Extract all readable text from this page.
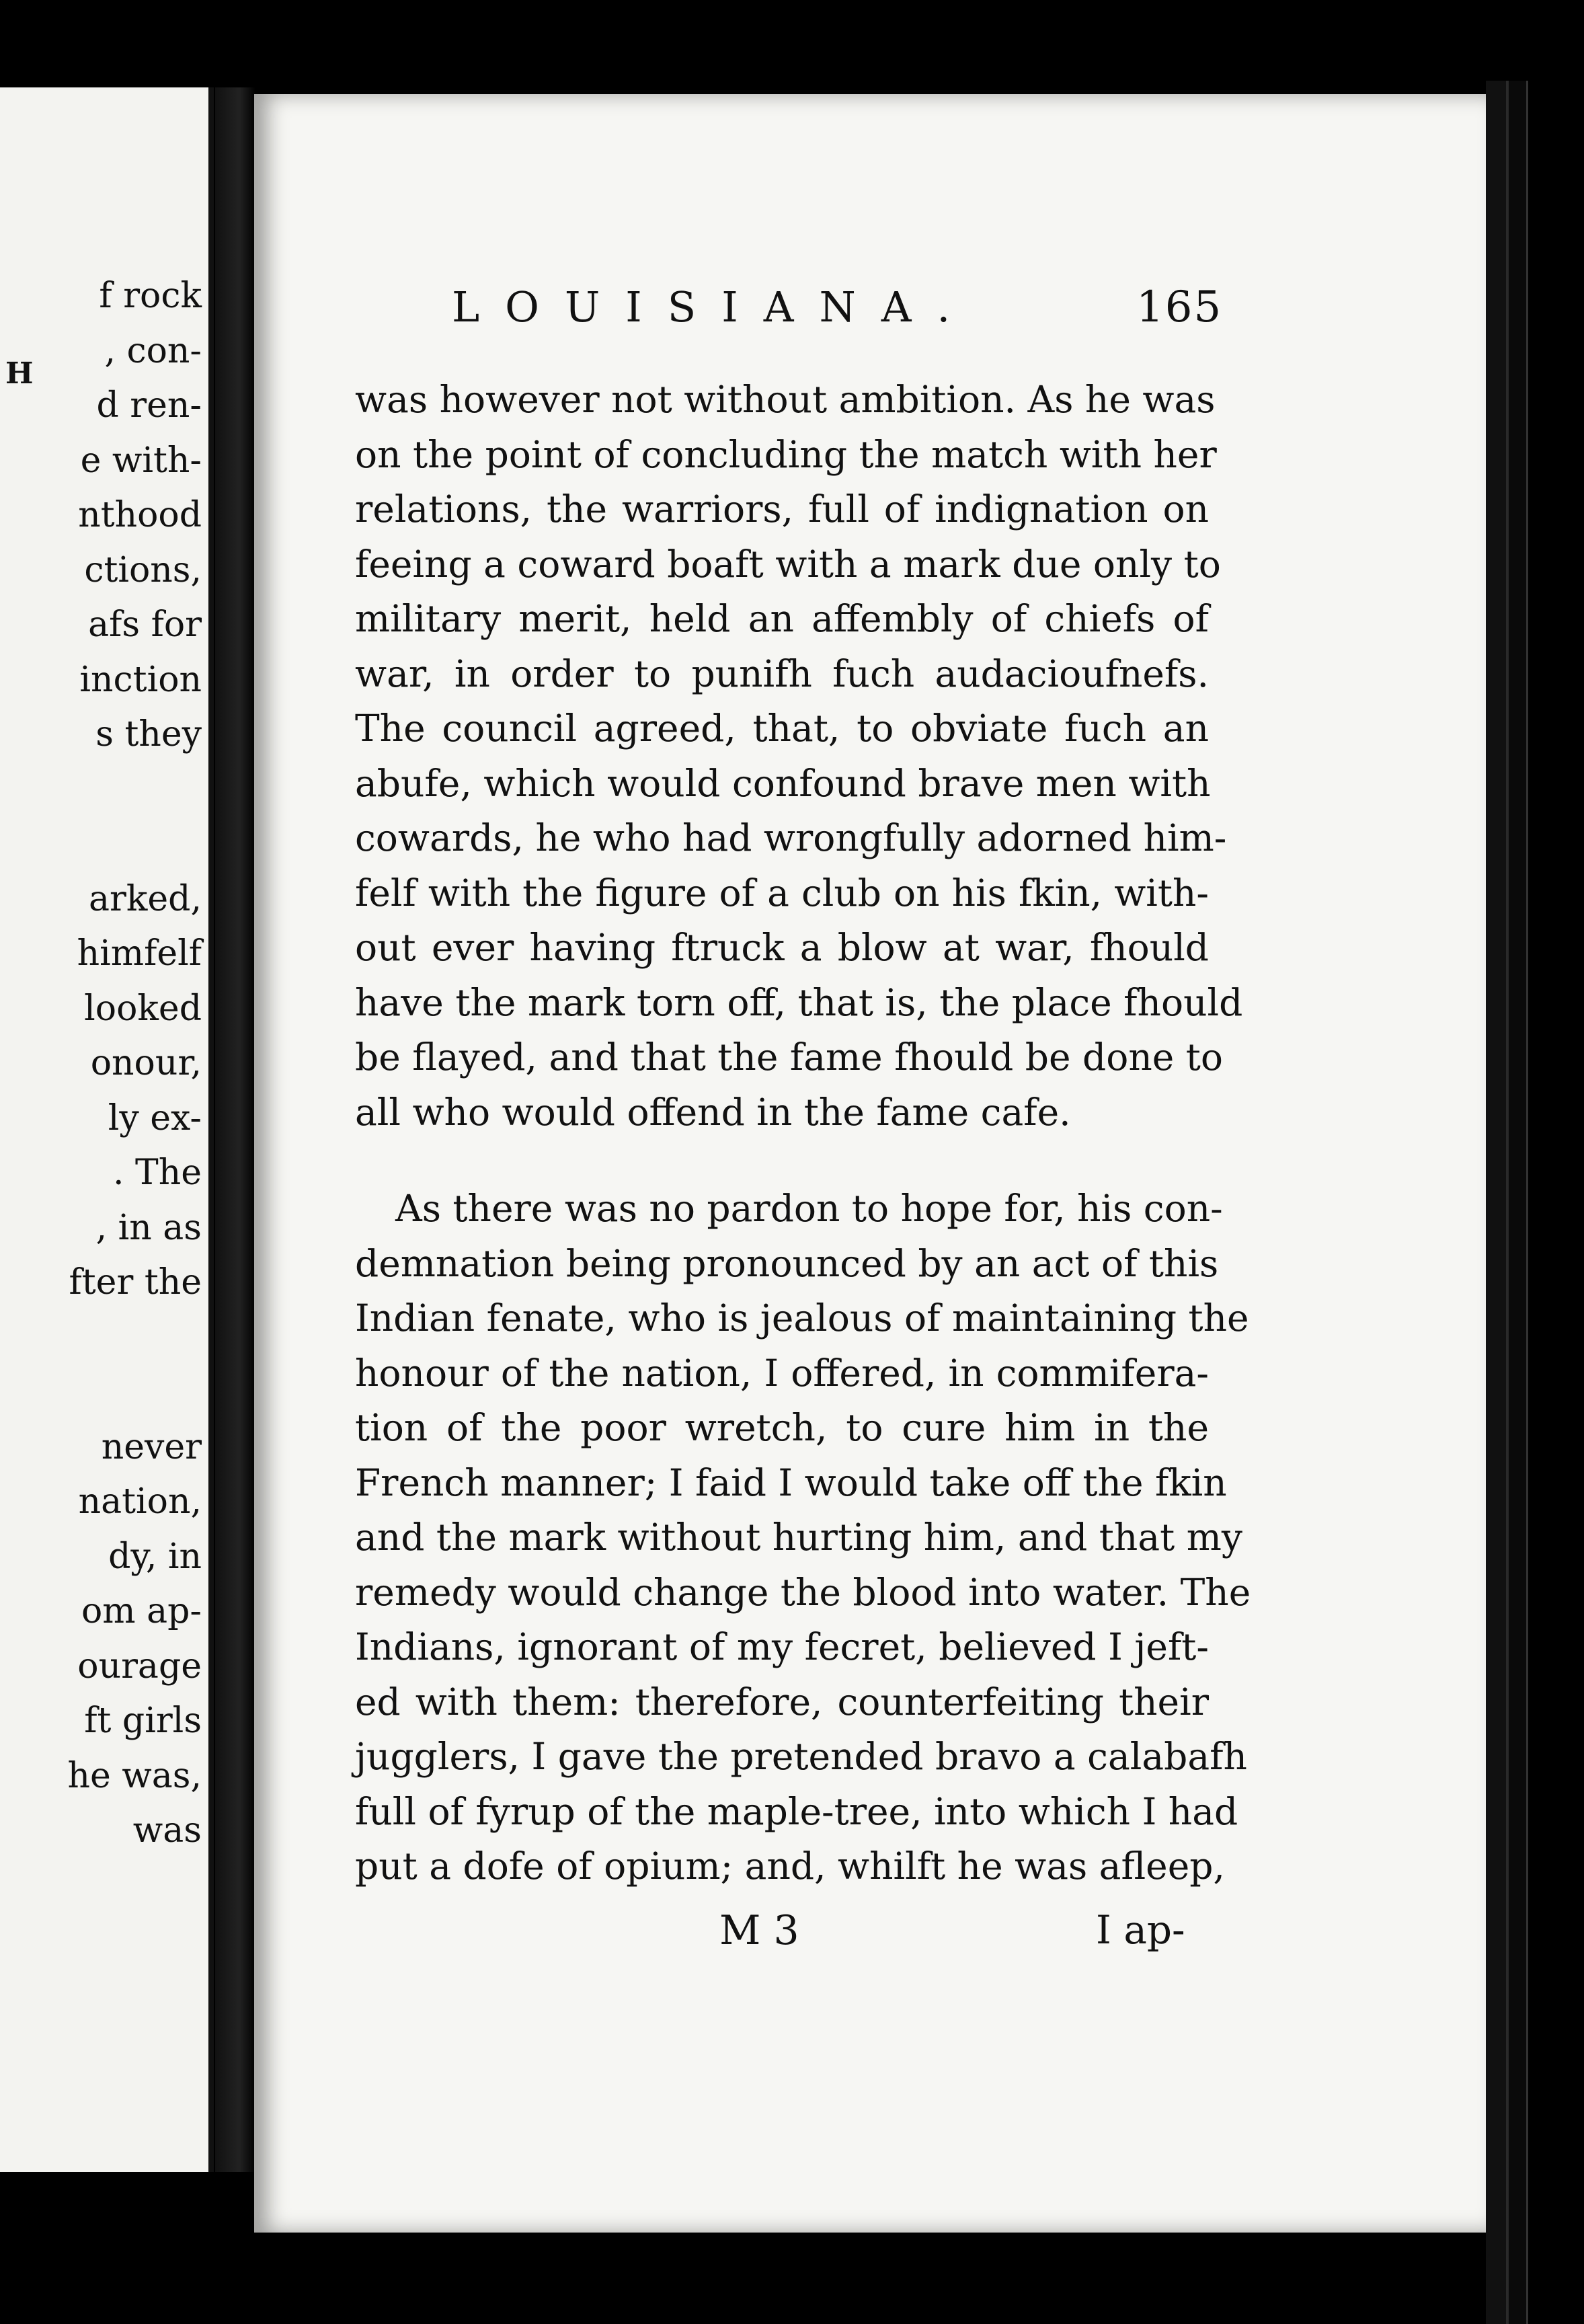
H
f rock
, con-
d ren-
e with-
nthood
ctions,
afs for
inction
s they

arked,
himfelf
looked
onour,
ly ex-
. The
, in as
fter the

never
nation,
dy, in
om ap-
ourage
ft girls
he was,
was
LOUISIANA.	165
was however not without ambition. As he was
on the point of concluding the match with her
relations, the warriors, full of indignation on
feeing a coward boaft with a mark due only to
military merit, held an affembly of chiefs of
war, in order to punifh fuch audacioufnefs.
The council agreed, that, to obviate fuch an
abufe, which would confound brave men with
cowards, he who had wrongfully adorned him-
felf with the figure of a club on his fkin, with-
out ever having ftruck a blow at war, fhould
have the mark torn off, that is, the place fhould
be flayed, and that the fame fhould be done to
all who would offend in the fame cafe.
As there was no pardon to hope for, his con-
demnation being pronounced by an act of this
Indian fenate, who is jealous of maintaining the
honour of the nation, I offered, in commifera-
tion of the poor wretch, to cure him in the
French manner; I faid I would take off the fkin
and the mark without hurting him, and that my
remedy would change the blood into water. The
Indians, ignorant of my fecret, believed I jeft-
ed with them: therefore, counterfeiting their
jugglers, I gave the pretended bravo a calabafh
full of fyrup of the maple-tree, into which I had
put a dofe of opium; and, whilft he was afleep,
M 3	I ap-
